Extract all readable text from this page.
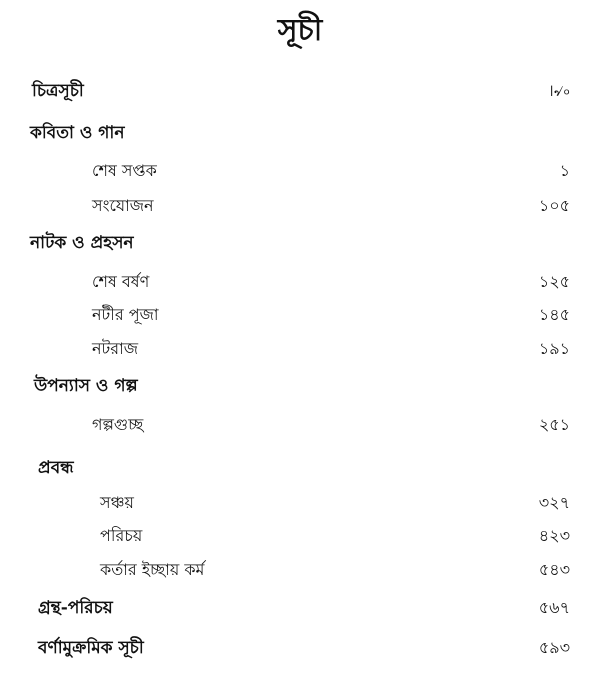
সূচী
চিত্রসূচী	।৵৹
কবিতা ও গান
শেষ সপ্তক	১
সংযোজন	১০৫
নাটক ও প্রহসন
শেষ বর্ষণ	১২৫
নটীর পূজা	১৪৫
নটরাজ	১৯১
উপন্যাস ও গল্প
গল্পগুচ্ছ	২৫১
প্রবন্ধ
সঞ্চয়	৩২৭
পরিচয়	৪২৩
কর্তার ইচ্ছায় কর্ম	৫৪৩
গ্রন্থ-পরিচয়	৫৬৭
বর্ণামুক্রমিক সূচী	৫৯৩
